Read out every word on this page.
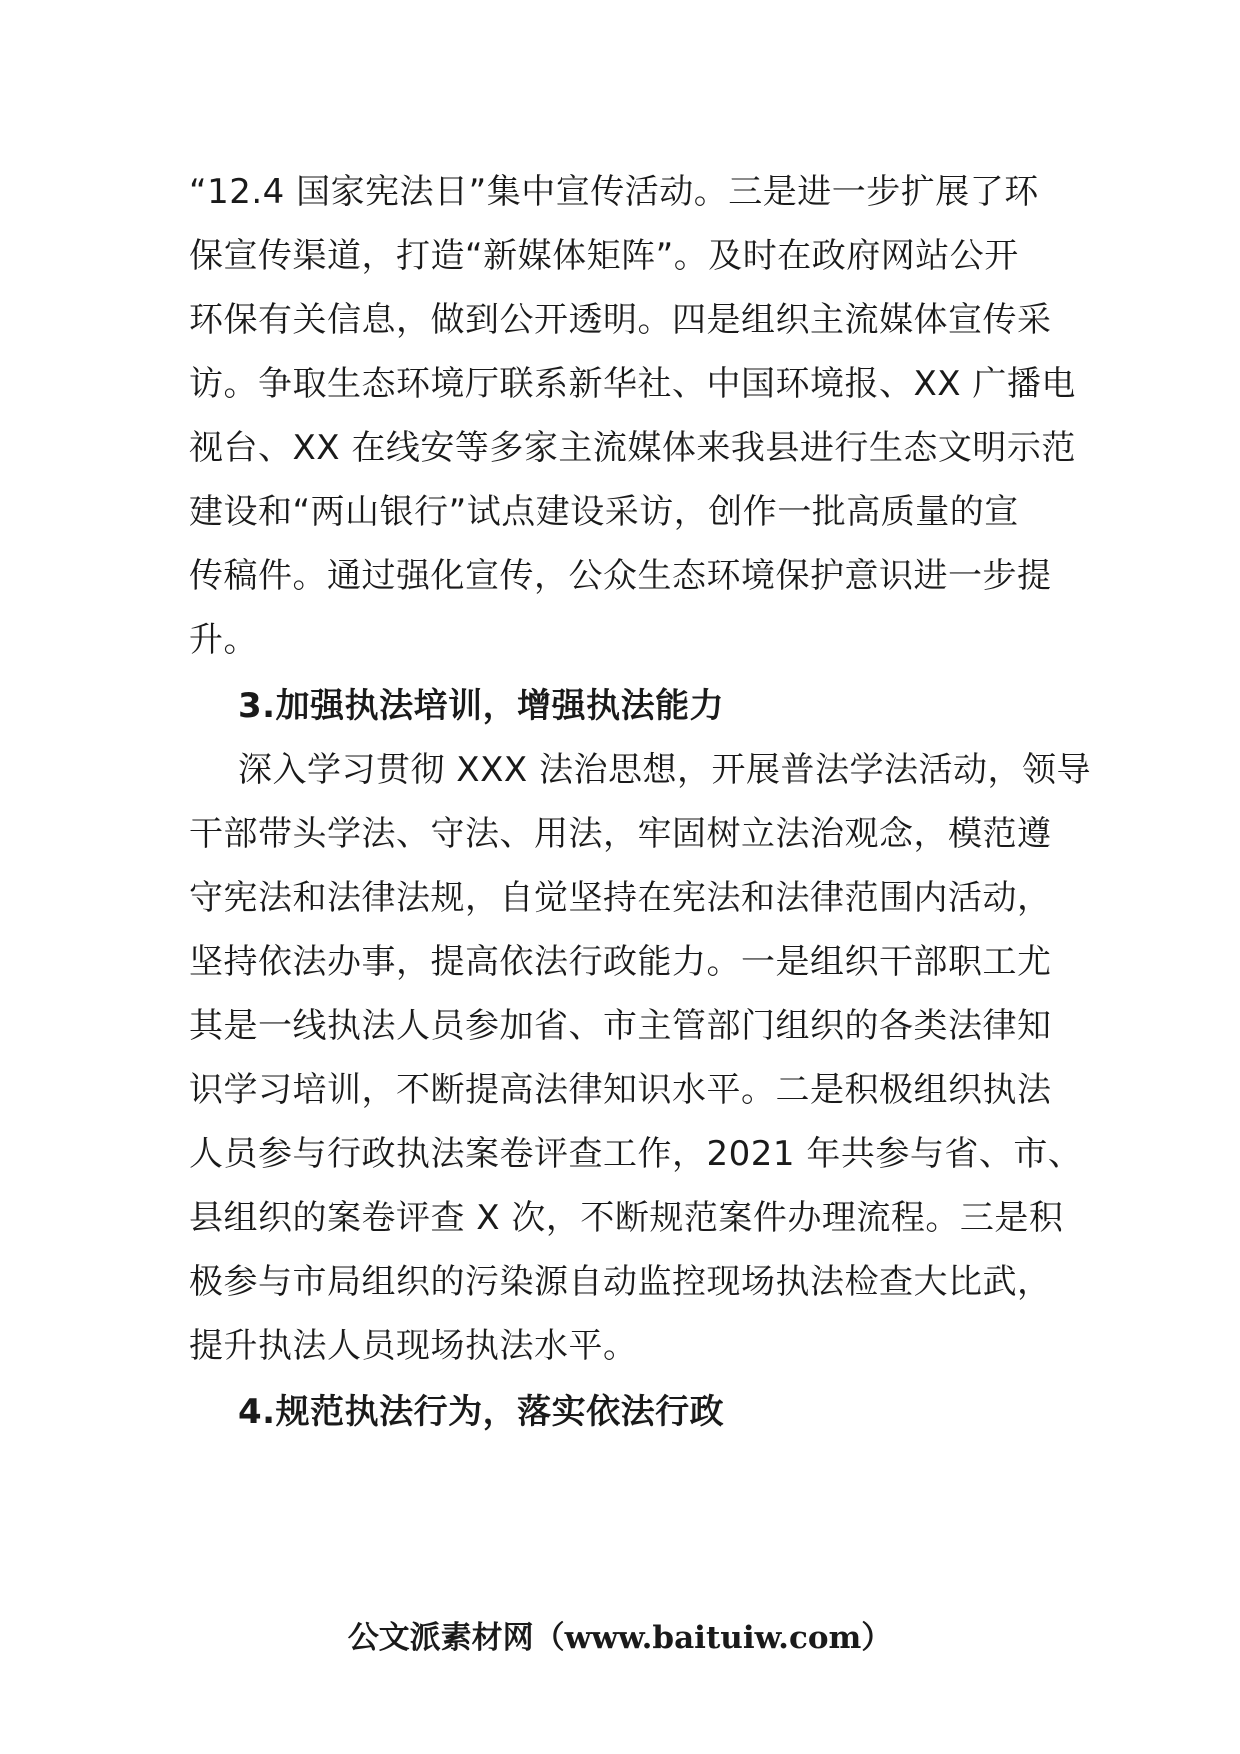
“12.4 国家宪法日”集中宣传活动。三是进一步扩展了环
保宣传渠道，打造“新媒体矩阵”。及时在政府网站公开
环保有关信息，做到公开透明。四是组织主流媒体宣传采
访。争取生态环境厅联系新华社、中国环境报、XX 广播电
视台、XX 在线安等多家主流媒体来我县进行生态文明示范
建设和“两山银行”试点建设采访，创作一批高质量的宣
传稿件。通过强化宣传，公众生态环境保护意识进一步提
升。
3.加强执法培训，增强执法能力
深入学习贯彻 XXX 法治思想，开展普法学法活动，领导
干部带头学法、守法、用法，牢固树立法治观念，模范遵
守宪法和法律法规，自觉坚持在宪法和法律范围内活动，
坚持依法办事，提高依法行政能力。一是组织干部职工尤
其是一线执法人员参加省、市主管部门组织的各类法律知
识学习培训，不断提高法律知识水平。二是积极组织执法
人员参与行政执法案卷评查工作，2021 年共参与省、市、
县组织的案卷评查 X 次，不断规范案件办理流程。三是积
极参与市局组织的污染源自动监控现场执法检查大比武，
提升执法人员现场执法水平。
4.规范执法行为，落实依法行政
公文派素材网（www.baituiw.com）
